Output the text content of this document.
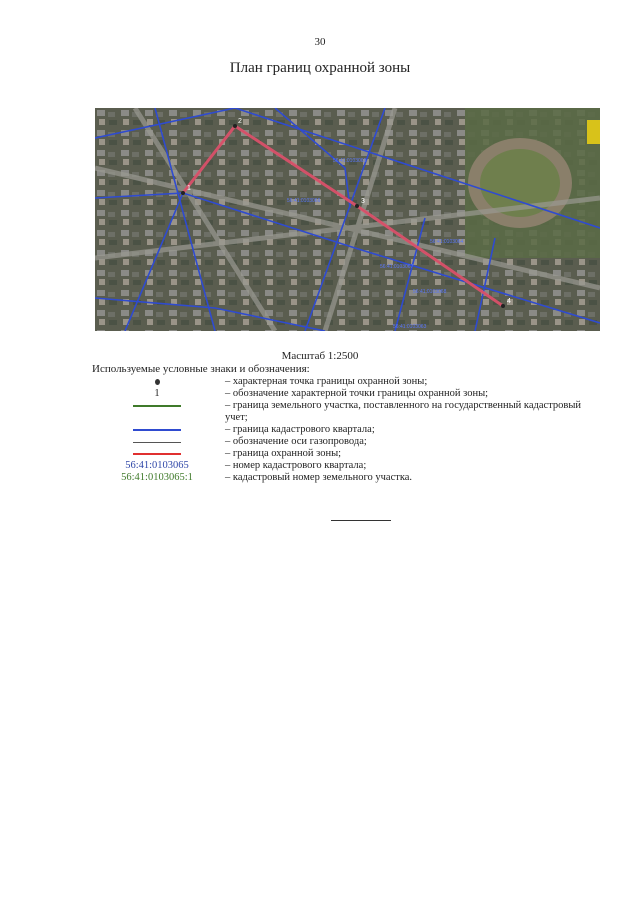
30
План границ охранной зоны
1
2
3
4
56:41:0103065
56:41:0103066
56:41:0103064
56:41:0103067
56:41:0103068
56:41:0103063
Масштаб 1:2500
Используемые условные знаки и обозначения:
– характерная точка границы охранной зоны;
1	– обозначение характерной точки границы охранной зоны;
– граница земельного участка, поставленного на государственный кадастровый учет;
– граница кадастрового квартала;
– обозначение оси газопровода;
– граница охранной зоны;
56:41:0103065	– номер кадастрового квартала;
56:41:0103065:1	– кадастровый номер земельного участка.
